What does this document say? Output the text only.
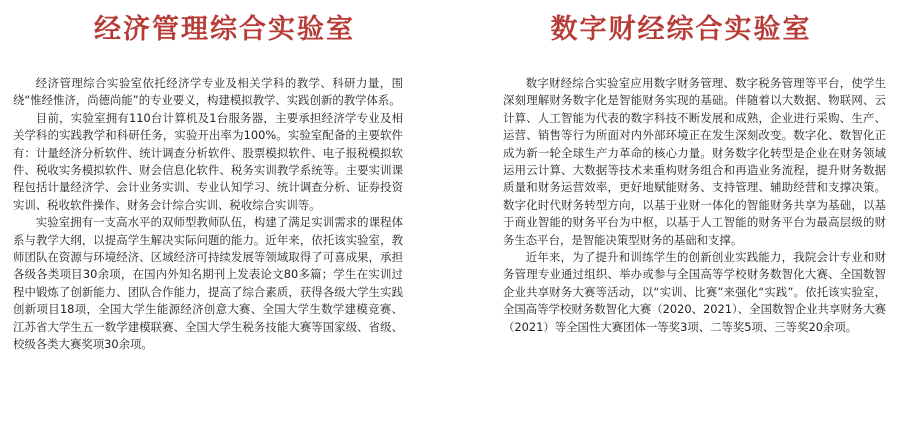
经济管理综合实验室

经济管理综合实验室依托经济学专业及相关学科的教学、科研力量，围绕“惟经惟济，尚德尚能”的专业要义，构建模拟教学、实践创新的教学体系。

目前，实验室拥有110台计算机及1台服务器，主要承担经济学专业及相关学科的实践教学和科研任务，实验开出率为100%。实验室配备的主要软件有：计量经济分析软件、统计调查分析软件、股票模拟软件、电子报税模拟软件、税收实务模拟软件、财会信息化软件、税务实训教学系统等。主要实训课程包括计量经济学、会计业务实训、专业认知学习、统计调查分析、证券投资实训、税收软件操作、财务会计综合实训、税收综合实训等。

实验室拥有一支高水平的双师型教师队伍，构建了满足实训需求的课程体系与教学大纲，以提高学生解决实际问题的能力。近年来，依托该实验室，教师团队在资源与环境经济、区域经济可持续发展等领域取得了可喜成果，承担各级各类项目30余项，在国内外知名期刊上发表论文80多篇；学生在实训过程中锻炼了创新能力、团队合作能力，提高了综合素质，获得各级大学生实践创新项目18项，全国大学生能源经济创意大赛、全国大学生数学建模竞赛、江苏省大学生五一数学建模联赛、全国大学生税务技能大赛等国家级、省级、校级各类大赛奖项30余项。

数字财经综合实验室

数字财经综合实验室应用数字财务管理、数字税务管理等平台，使学生深刻理解财务数字化是智能财务实现的基础。伴随着以大数据、物联网、云计算、人工智能为代表的数字科技不断发展和成熟，企业进行采购、生产、运营、销售等行为所面对内外部环境正在发生深刻改变。数字化、数智化正成为新一轮全球生产力革命的核心力量。财务数字化转型是企业在财务领域运用云计算、大数据等技术来重构财务组合和再造业务流程，提升财务数据质量和财务运营效率，更好地赋能财务、支持管理、辅助经营和支撑决策。数字化时代财务转型方向，以基于业财一体化的智能财务共享为基础，以基于商业智能的财务平台为中枢，以基于人工智能的财务平台为最高层级的财务生态平台，是智能决策型财务的基础和支撑。

近年来，为了提升和训练学生的创新创业实践能力，我院会计专业和财务管理专业通过组织、举办或参与全国高等学校财务数智化大赛、全国数智企业共享财务大赛等活动，以“实训、比赛”来强化“实践”。依托该实验室，全国高等学校财务数智化大赛（2020、2021）、全国数智企业共享财务大赛（2021）等全国性大赛团体一等奖3项、二等奖5项、三等奖20余项。
